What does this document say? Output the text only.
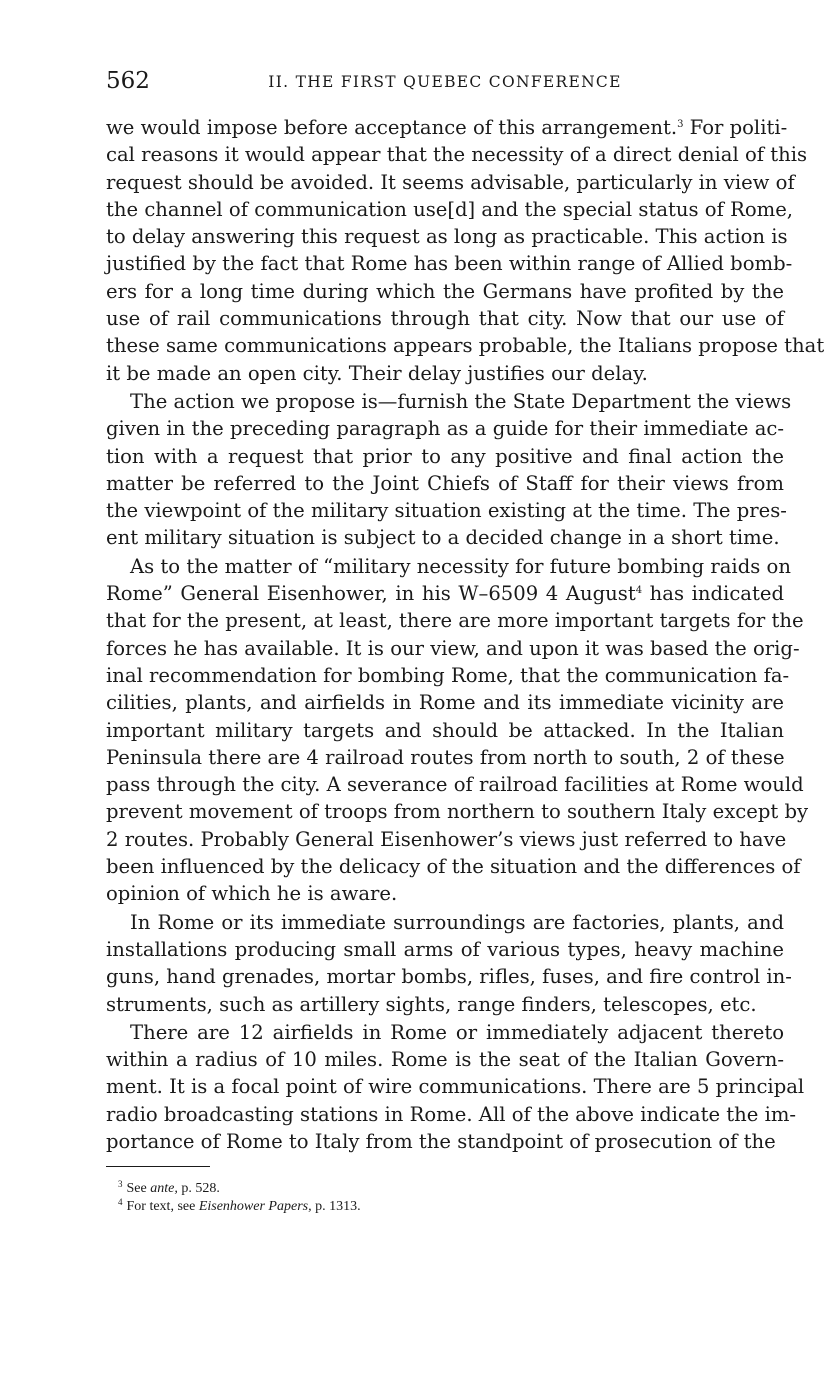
562	II. THE FIRST QUEBEC CONFERENCE
we would impose before acceptance of this arrangement.$^3$ For politi-
cal reasons it would appear that the necessity of a direct denial of this
request should be avoided. It seems advisable, particularly in view of
the channel of communication use[d] and the special status of Rome,
to delay answering this request as long as practicable. This action is
justified by the fact that Rome has been within range of Allied bomb-
ers for a long time during which the Germans have profited by the
use of rail communications through that city. Now that our use of
these same communications appears probable, the Italians propose that
it be made an open city. Their delay justifies our delay.
The action we propose is—furnish the State Department the views
given in the preceding paragraph as a guide for their immediate ac-
tion with a request that prior to any positive and final action the
matter be referred to the Joint Chiefs of Staff for their views from
the viewpoint of the military situation existing at the time. The pres-
ent military situation is subject to a decided change in a short time.
As to the matter of “military necessity for future bombing raids on
Rome” General Eisenhower, in his W–6509 4 August$^4$ has indicated
that for the present, at least, there are more important targets for the
forces he has available. It is our view, and upon it was based the orig-
inal recommendation for bombing Rome, that the communication fa-
cilities, plants, and airfields in Rome and its immediate vicinity are
important military targets and should be attacked. In the Italian
Peninsula there are 4 railroad routes from north to south, 2 of these
pass through the city. A severance of railroad facilities at Rome would
prevent movement of troops from northern to southern Italy except by
2 routes. Probably General Eisenhower’s views just referred to have
been influenced by the delicacy of the situation and the differences of
opinion of which he is aware.
In Rome or its immediate surroundings are factories, plants, and
installations producing small arms of various types, heavy machine
guns, hand grenades, mortar bombs, rifles, fuses, and fire control in-
struments, such as artillery sights, range finders, telescopes, etc.
There are 12 airfields in Rome or immediately adjacent thereto
within a radius of 10 miles. Rome is the seat of the Italian Govern-
ment. It is a focal point of wire communications. There are 5 principal
radio broadcasting stations in Rome. All of the above indicate the im-
portance of Rome to Italy from the standpoint of prosecution of the
$^3$ See ante, p. 528.
$^4$ For text, see Eisenhower Papers, p. 1313.
